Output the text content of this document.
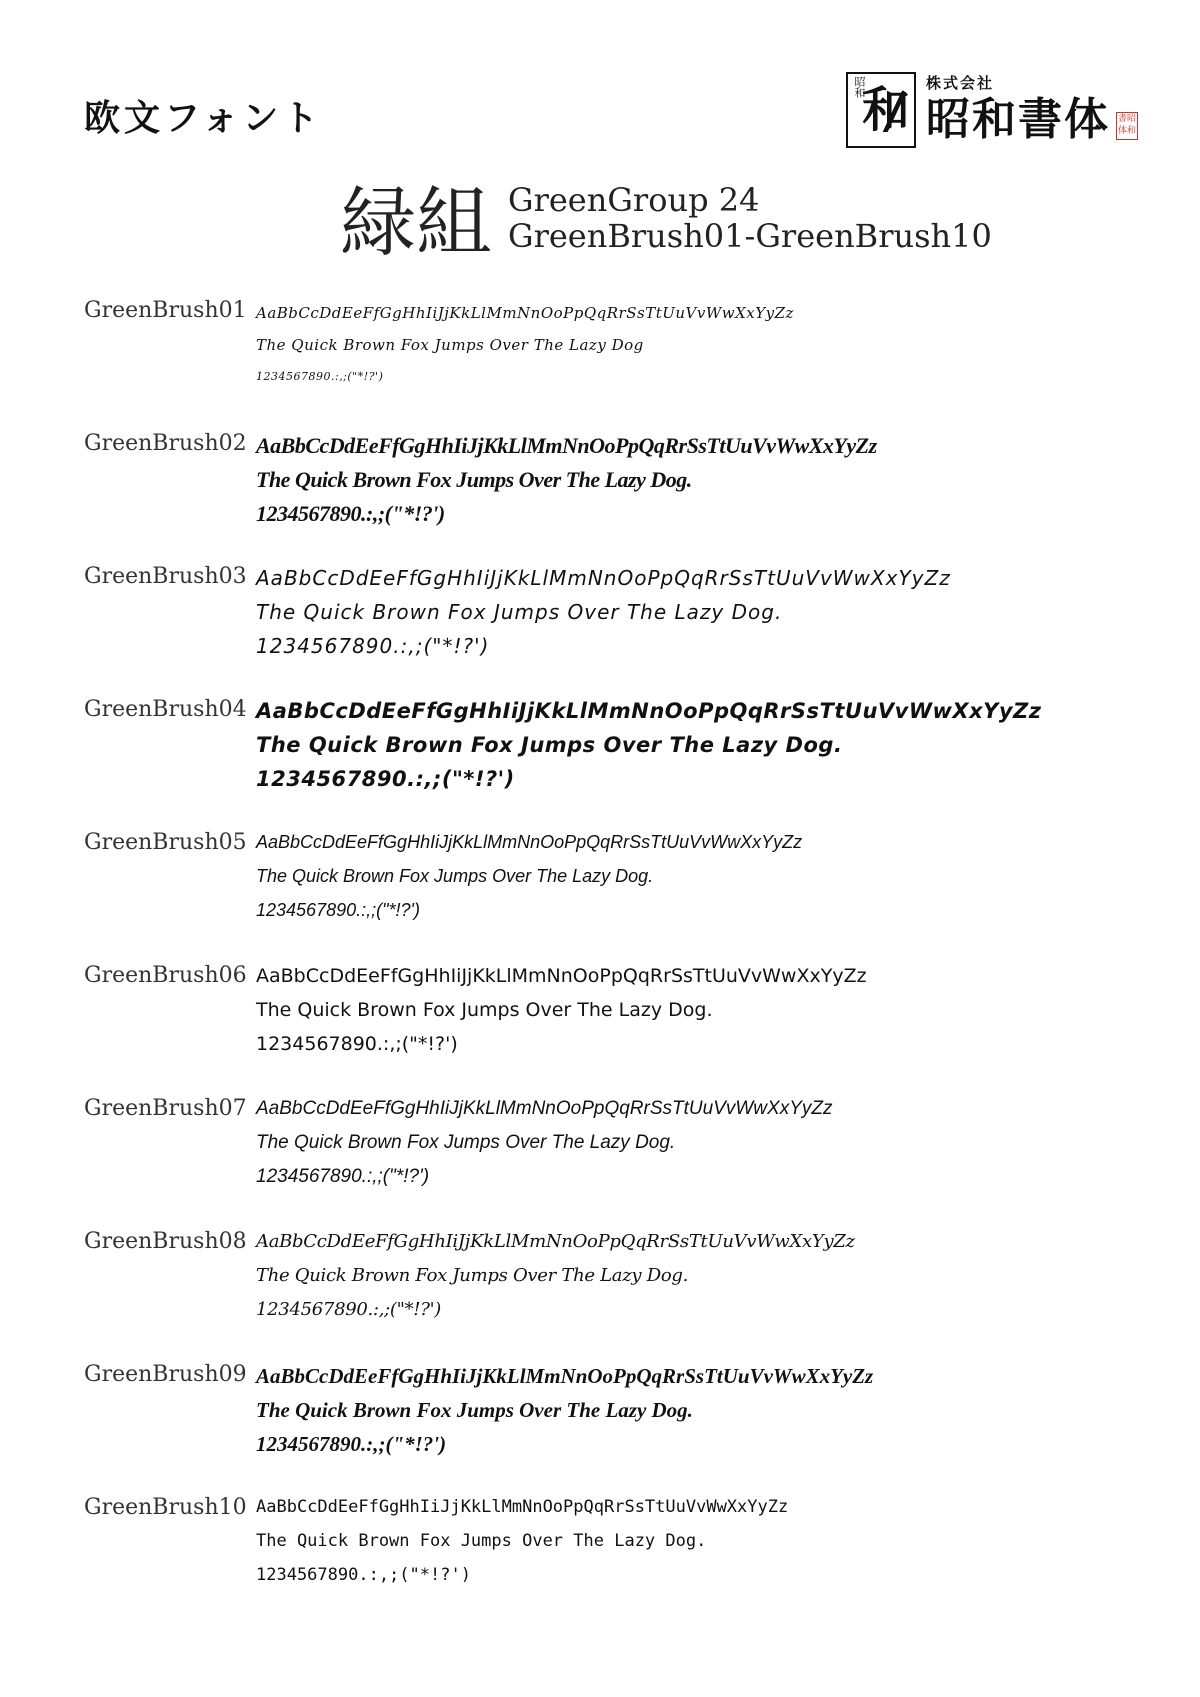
欧文フォント
昭和
和 株式会社
昭和書体 書昭体和
緑組 GreenGroup 24
GreenBrush01-GreenBrush10
GreenBrush01 AaBbCcDdEeFfGgHhIiJjKkLlMmNnOoPpQqRrSsTtUuVvWwXxYyZz
The Quick Brown Fox Jumps Over The Lazy Dog
1234567890.:,;("*!?')
GreenBrush02 AaBbCcDdEeFfGgHhIiJjKkLlMmNnOoPpQqRrSsTtUuVvWwXxYyZz
The Quick Brown Fox Jumps Over The Lazy Dog.
1234567890.:,;("*!?')
GreenBrush03 AaBbCcDdEeFfGgHhIiJjKkLlMmNnOoPpQqRrSsTtUuVvWwXxYyZz
The Quick Brown Fox Jumps Over The Lazy Dog.
1234567890.:,;("*!?')
GreenBrush04 AaBbCcDdEeFfGgHhIiJjKkLlMmNnOoPpQqRrSsTtUuVvWwXxYyZz
The Quick Brown Fox Jumps Over The Lazy Dog.
1234567890.:,;("*!?')
GreenBrush05 AaBbCcDdEeFfGgHhIiJjKkLlMmNnOoPpQqRrSsTtUuVvWwXxYyZz
The Quick Brown Fox Jumps Over The Lazy Dog.
1234567890.:,;("*!?')
GreenBrush06 AaBbCcDdEeFfGgHhIiJjKkLlMmNnOoPpQqRrSsTtUuVvWwXxYyZz
The Quick Brown Fox Jumps Over The Lazy Dog.
1234567890.:,;("*!?')
GreenBrush07 AaBbCcDdEeFfGgHhIiJjKkLlMmNnOoPpQqRrSsTtUuVvWwXxYyZz
The Quick Brown Fox Jumps Over The Lazy Dog.
1234567890.:,;("*!?')
GreenBrush08 AaBbCcDdEeFfGgHhIiJjKkLlMmNnOoPpQqRrSsTtUuVvWwXxYyZz
The Quick Brown Fox Jumps Over The Lazy Dog.
1234567890.:,;("*!?')
GreenBrush09 AaBbCcDdEeFfGgHhIiJjKkLlMmNnOoPpQqRrSsTtUuVvWwXxYyZz
The Quick Brown Fox Jumps Over The Lazy Dog.
1234567890.:,;("*!?')
GreenBrush10 AaBbCcDdEeFfGgHhIiJjKkLlMmNnOoPpQqRrSsTtUuVvWwXxYyZz
The Quick Brown Fox Jumps Over The Lazy Dog.
1234567890.:,;("*!?')
